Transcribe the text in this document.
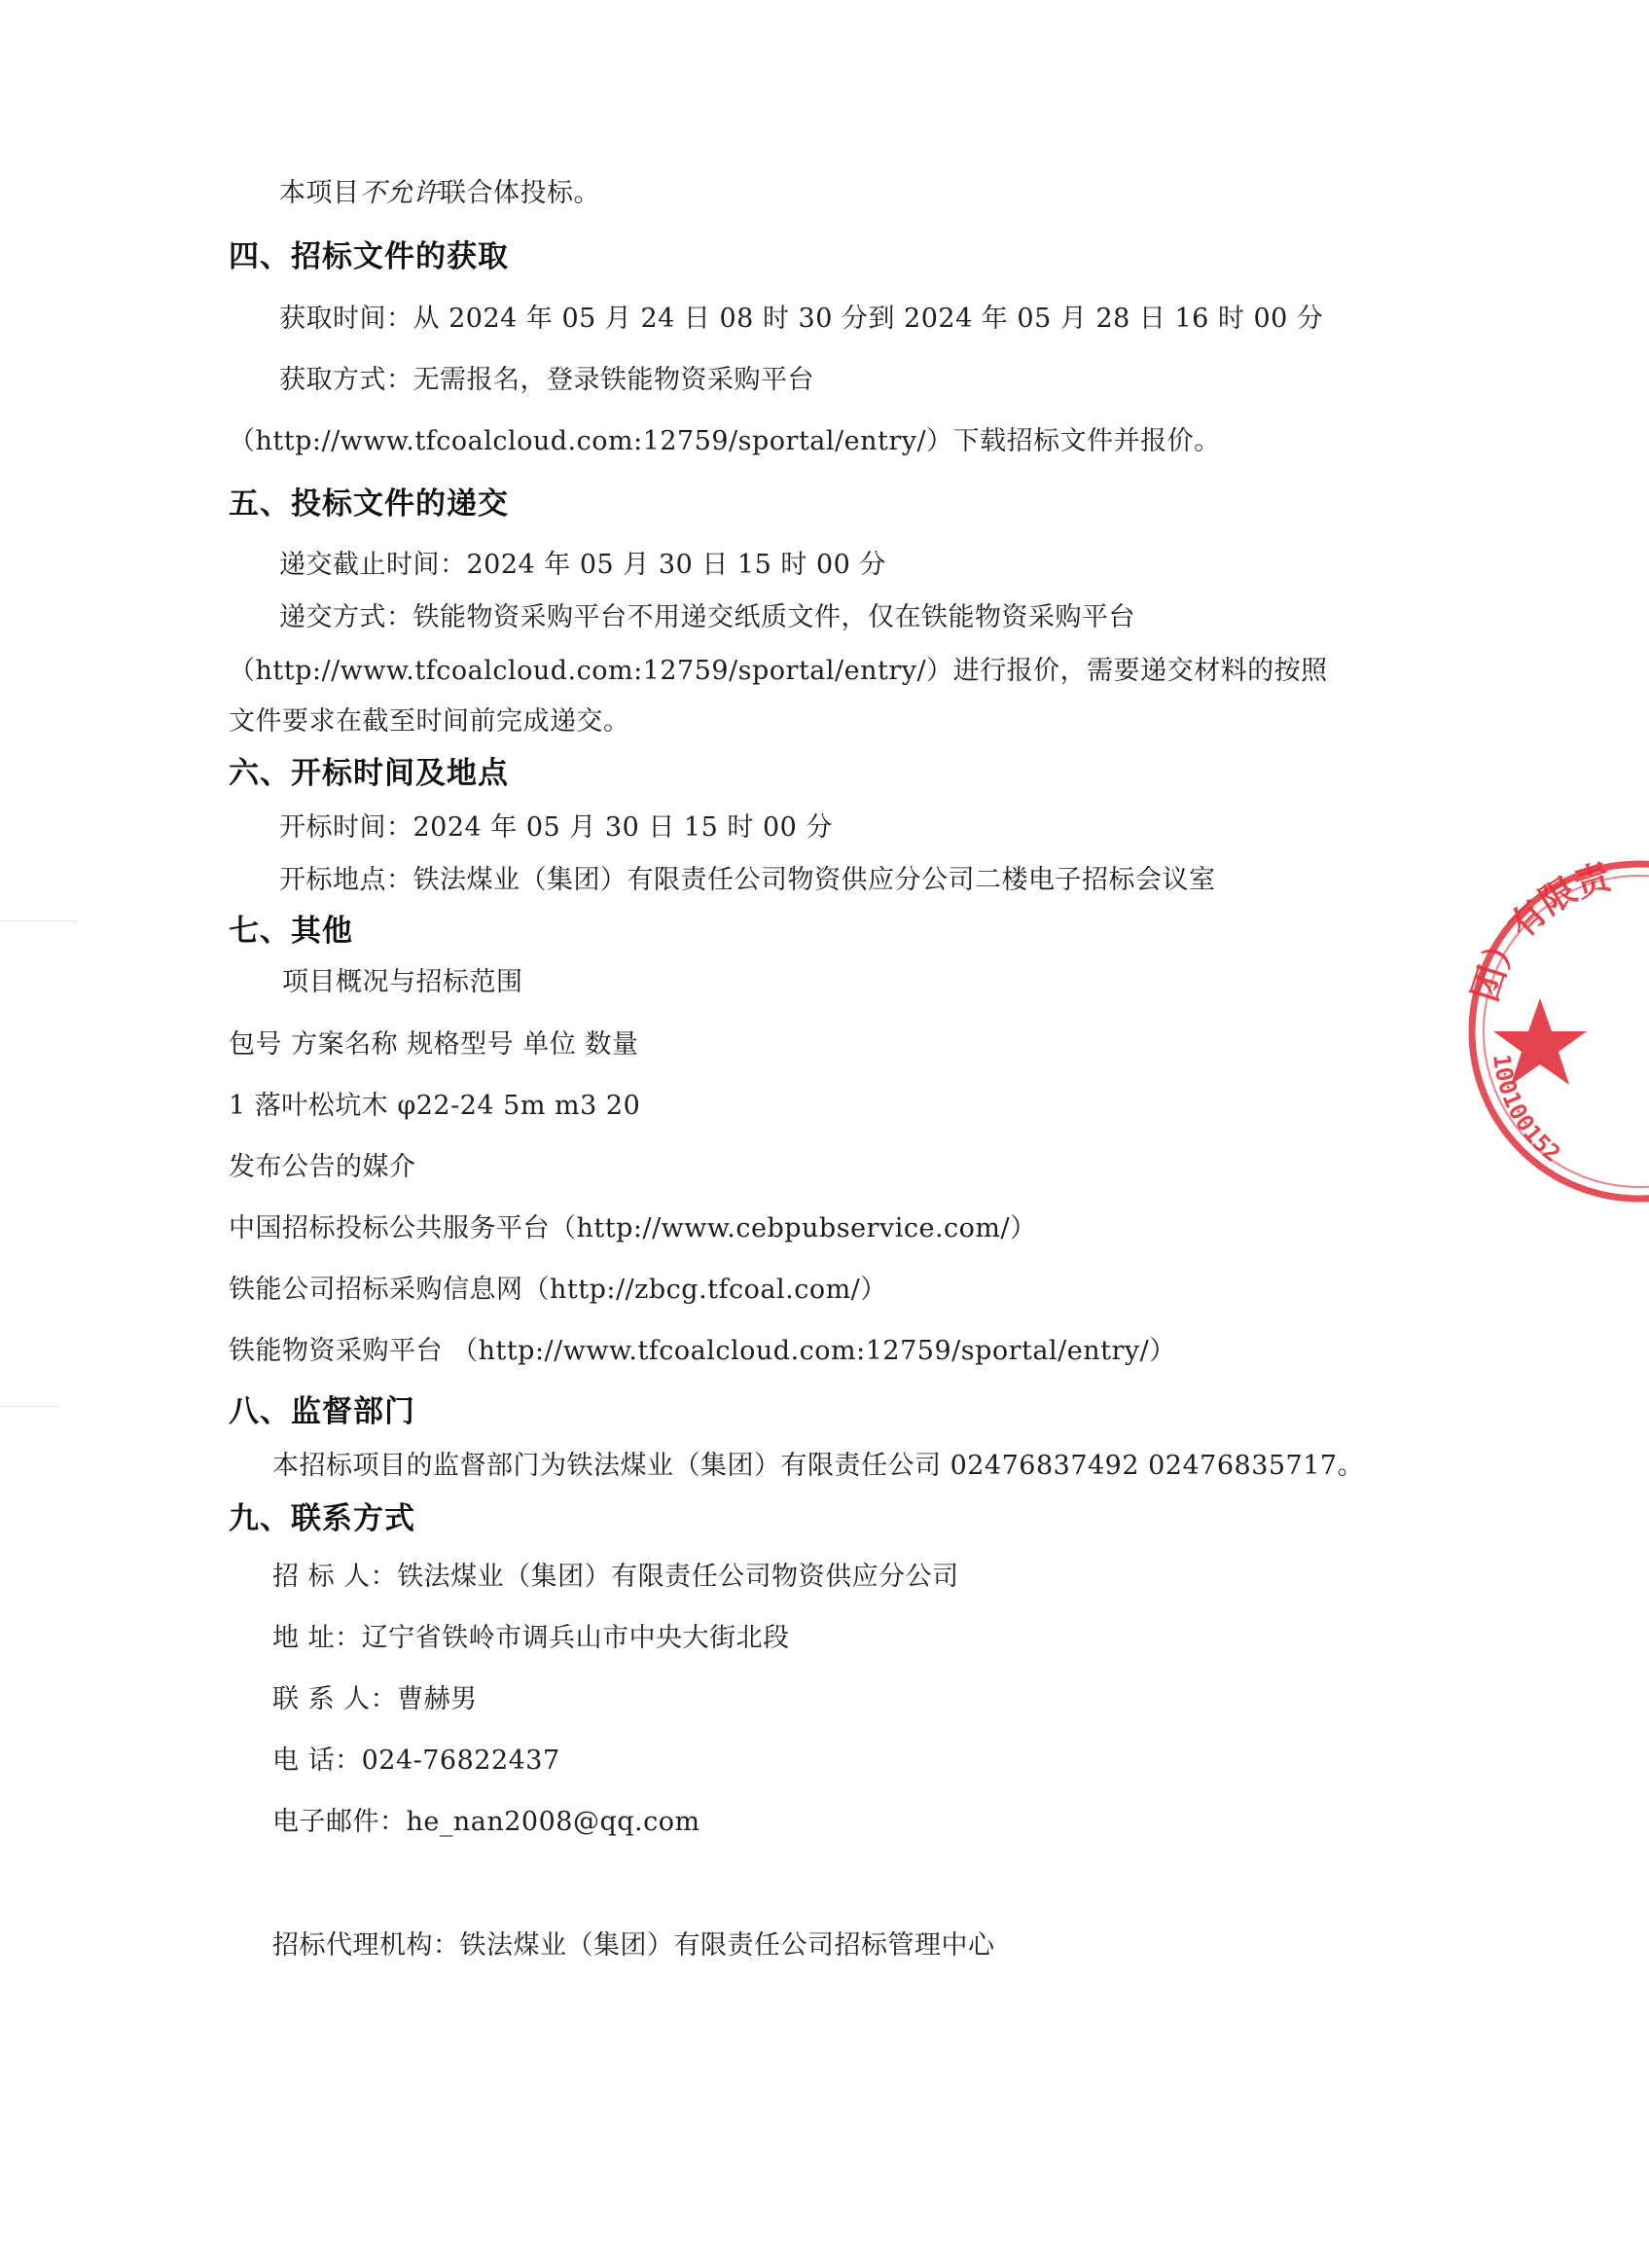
本项目不允许联合体投标。
四、招标文件的获取
获取时间：从 2024 年 05 月 24 日 08 时 30 分到 2024 年 05 月 28 日 16 时 00 分
获取方式：无需报名，登录铁能物资采购平台
（http://www.tfcoalcloud.com:12759/sportal/entry/）下载招标文件并报价。
五、投标文件的递交
递交截止时间：2024 年 05 月 30 日 15 时 00 分
递交方式：铁能物资采购平台不用递交纸质文件，仅在铁能物资采购平台
（http://www.tfcoalcloud.com:12759/sportal/entry/）进行报价，需要递交材料的按照
文件要求在截至时间前完成递交。
六、开标时间及地点
开标时间：2024 年 05 月 30 日 15 时 00 分
开标地点：铁法煤业（集团）有限责任公司物资供应分公司二楼电子招标会议室
七、其他
项目概况与招标范围
包号 方案名称 规格型号 单位 数量
1 落叶松坑木 φ22-24 5m m3 20
发布公告的媒介
中国招标投标公共服务平台（http://www.cebpubservice.com/）
铁能公司招标采购信息网（http://zbcg.tfcoal.com/）
铁能物资采购平台 （http://www.tfcoalcloud.com:12759/sportal/entry/）
八、监督部门
本招标项目的监督部门为铁法煤业（集团）有限责任公司 02476837492 02476835717。
九、联系方式
招 标 人：铁法煤业（集团）有限责任公司物资供应分公司
地 址：辽宁省铁岭市调兵山市中央大街北段
联 系 人：曹赫男
电 话：024-76822437
电子邮件：he_nan2008@qq.com
招标代理机构：铁法煤业（集团）有限责任公司招标管理中心
团）有限责
100100152
